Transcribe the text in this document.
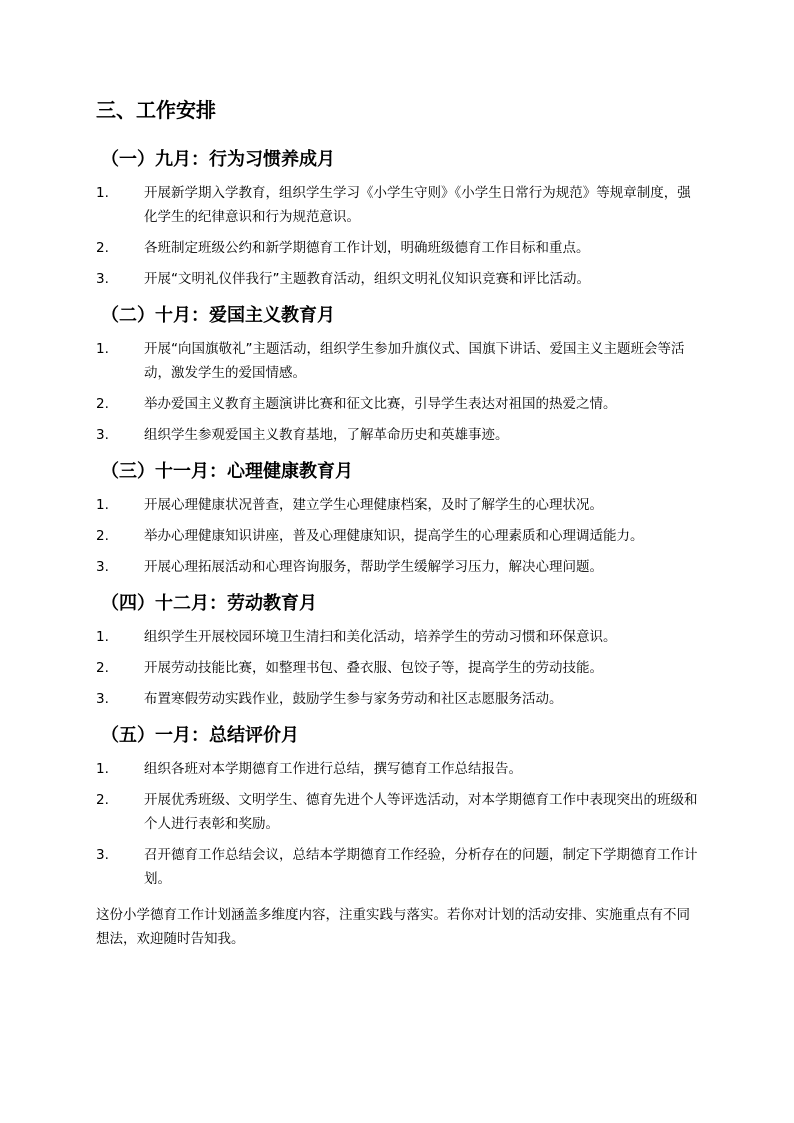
三、工作安排
（一）九月：行为习惯养成月
1.	开展新学期入学教育，组织学生学习《小学生守则》《小学生日常行为规范》等规章制度，强化学生的纪律意识和行为规范意识。
2.	各班制定班级公约和新学期德育工作计划，明确班级德育工作目标和重点。
3.	开展“文明礼仪伴我行”主题教育活动，组织文明礼仪知识竞赛和评比活动。
（二）十月：爱国主义教育月
1.	开展“向国旗敬礼”主题活动，组织学生参加升旗仪式、国旗下讲话、爱国主义主题班会等活动，激发学生的爱国情感。
2.	举办爱国主义教育主题演讲比赛和征文比赛，引导学生表达对祖国的热爱之情。
3.	组织学生参观爱国主义教育基地，了解革命历史和英雄事迹。
（三）十一月：心理健康教育月
1.	开展心理健康状况普查，建立学生心理健康档案，及时了解学生的心理状况。
2.	举办心理健康知识讲座，普及心理健康知识，提高学生的心理素质和心理调适能力。
3.	开展心理拓展活动和心理咨询服务，帮助学生缓解学习压力，解决心理问题。
（四）十二月：劳动教育月
1.	组织学生开展校园环境卫生清扫和美化活动，培养学生的劳动习惯和环保意识。
2.	开展劳动技能比赛，如整理书包、叠衣服、包饺子等，提高学生的劳动技能。
3.	布置寒假劳动实践作业，鼓励学生参与家务劳动和社区志愿服务活动。
（五）一月：总结评价月
1.	组织各班对本学期德育工作进行总结，撰写德育工作总结报告。
2.	开展优秀班级、文明学生、德育先进个人等评选活动，对本学期德育工作中表现突出的班级和个人进行表彰和奖励。
3.	召开德育工作总结会议，总结本学期德育工作经验，分析存在的问题，制定下学期德育工作计划。

这份小学德育工作计划涵盖多维度内容，注重实践与落实。若你对计划的活动安排、实施重点有不同想法，欢迎随时告知我。
